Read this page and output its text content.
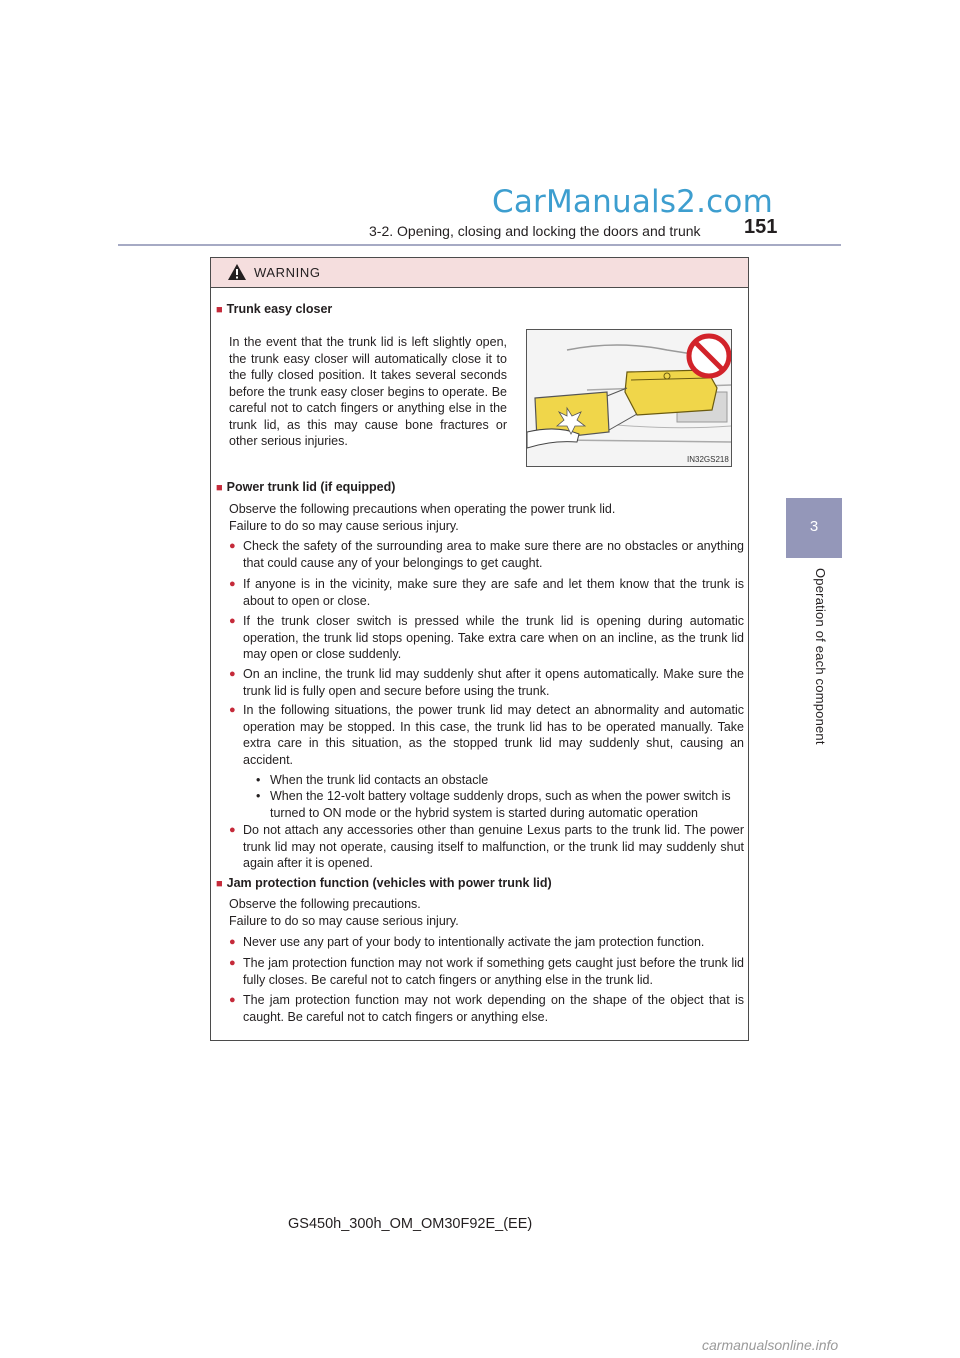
CarManuals2.com
3-2. Opening, closing and locking the doors and trunk 151
3
Operation of each component
WARNING
■ Trunk easy closer
In the event that the trunk lid is left slightly open, the trunk easy closer will automatically close it to the fully closed position. It takes several seconds before the trunk easy closer begins to operate. Be careful not to catch fingers or anything else in the trunk lid, as this may cause bone fractures or other serious injuries.
IN32GS218
■ Power trunk lid (if equipped)
Observe the following precautions when operating the power trunk lid.
Failure to do so may cause serious injury.
● Check the safety of the surrounding area to make sure there are no obstacles or anything that could cause any of your belongings to get caught.
● If anyone is in the vicinity, make sure they are safe and let them know that the trunk is about to open or close.
● If the trunk closer switch is pressed while the trunk lid is opening during automatic operation, the trunk lid stops opening. Take extra care when on an incline, as the trunk lid may open or close suddenly.
● On an incline, the trunk lid may suddenly shut after it opens automatically. Make sure the trunk lid is fully open and secure before using the trunk.
● In the following situations, the power trunk lid may detect an abnormality and automatic operation may be stopped. In this case, the trunk lid has to be operated manually. Take extra care in this situation, as the stopped trunk lid may suddenly shut, causing an accident.
• When the trunk lid contacts an obstacle
• When the 12-volt battery voltage suddenly drops, such as when the power switch is turned to ON mode or the hybrid system is started during automatic operation
● Do not attach any accessories other than genuine Lexus parts to the trunk lid. The power trunk lid may not operate, causing itself to malfunction, or the trunk lid may suddenly shut again after it is opened.
■ Jam protection function (vehicles with power trunk lid)
Observe the following precautions.
Failure to do so may cause serious injury.
● Never use any part of your body to intentionally activate the jam protection function.
● The jam protection function may not work if something gets caught just before the trunk lid fully closes. Be careful not to catch fingers or anything else in the trunk lid.
● The jam protection function may not work depending on the shape of the object that is caught. Be careful not to catch fingers or anything else.
GS450h_300h_OM_OM30F92E_(EE)
carmanualsonline.info
